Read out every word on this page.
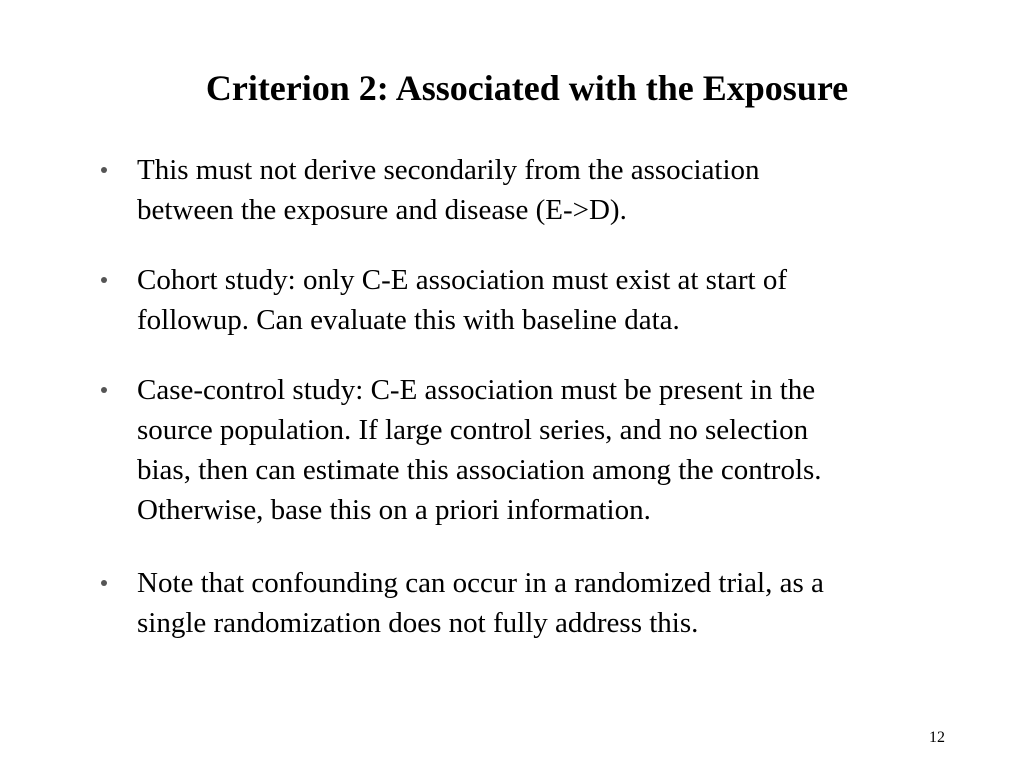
Criterion 2: Associated with the Exposure
This must not derive secondarily from the association
between the exposure and disease (E->D).
Cohort study: only C-E association must exist at start of
followup. Can evaluate this with baseline data.
Case-control study: C-E association must be present in the
source population. If large control series, and no selection
bias, then can estimate this association among the controls.
Otherwise, base this on a priori information.
Note that confounding can occur in a randomized trial, as a
single randomization does not fully address this.
12
